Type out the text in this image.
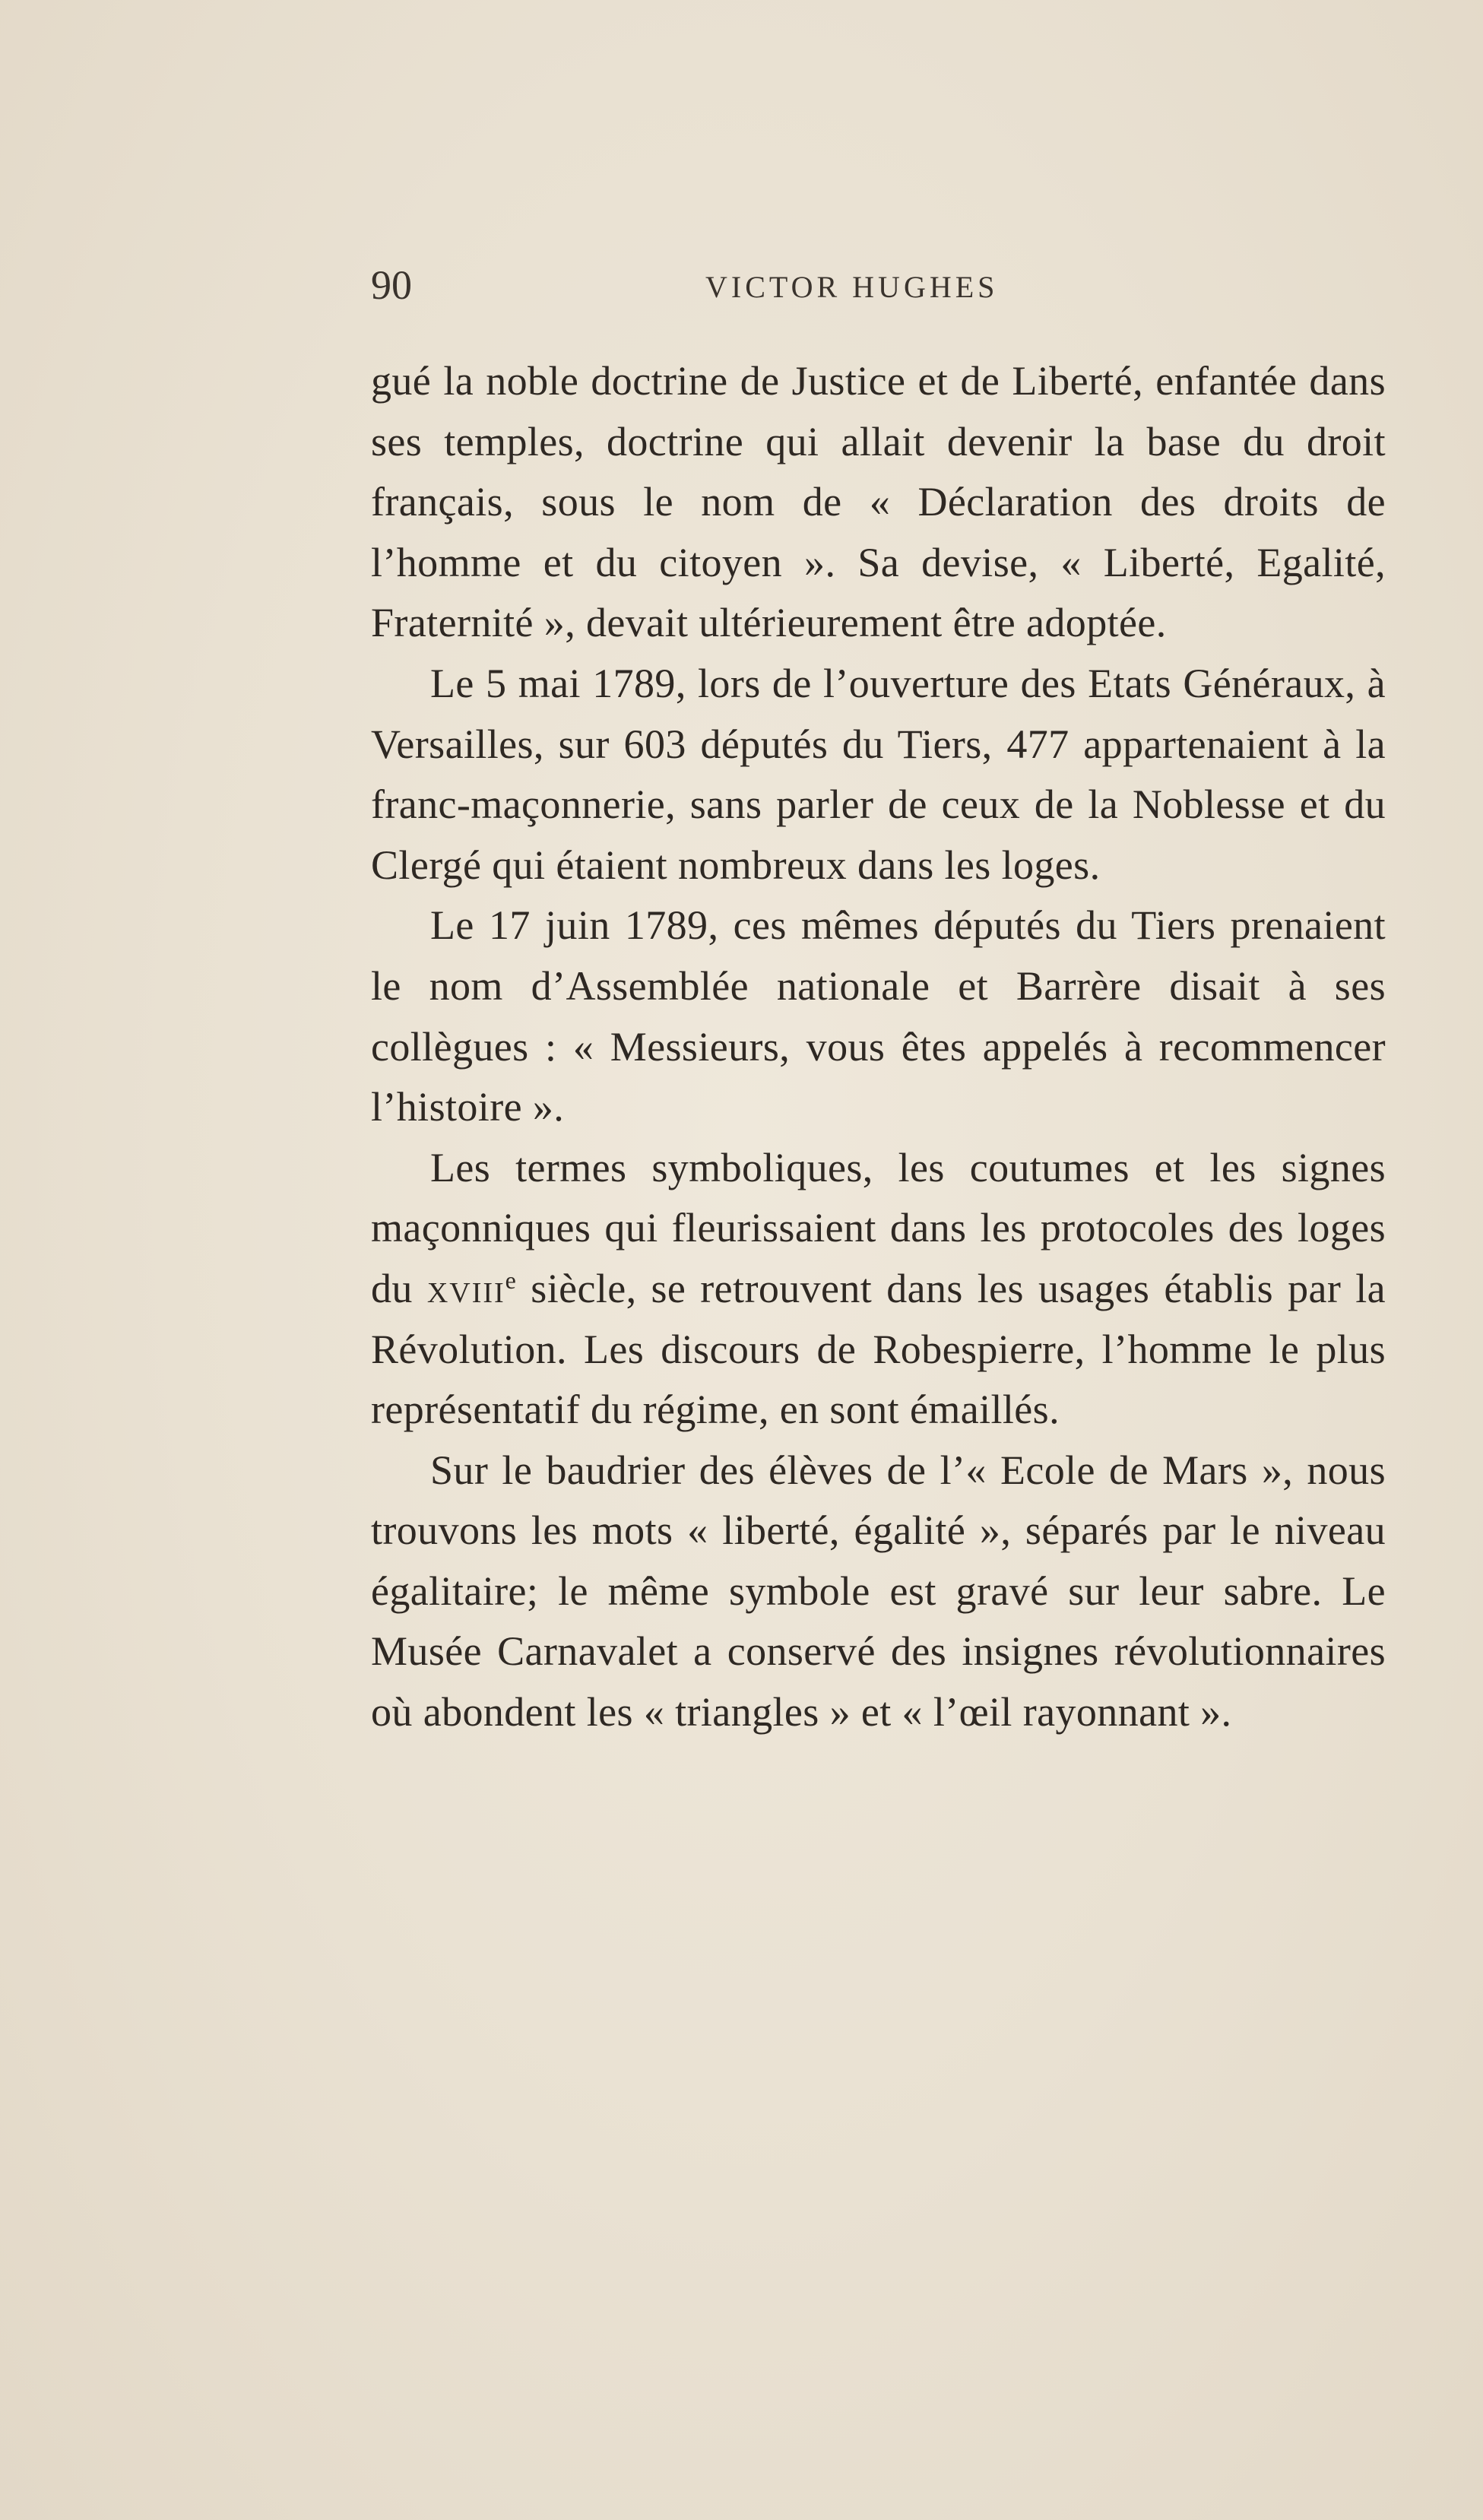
90	VICTOR HUGHES

gué la noble doctrine de Justice et de Liberté, enfantée dans ses temples, doctrine qui allait devenir la base du droit français, sous le nom de « Déclaration des droits de l’homme et du citoyen ». Sa devise, « Liberté, Egalité, Fraternité », devait ultérieurement être adoptée.

Le 5 mai 1789, lors de l’ouverture des Etats Généraux, à Versailles, sur 603 députés du Tiers, 477 appartenaient à la franc-maçonnerie, sans parler de ceux de la Noblesse et du Clergé qui étaient nombreux dans les loges.

Le 17 juin 1789, ces mêmes députés du Tiers prenaient le nom d’Assemblée nationale et Barrère disait à ses collègues : « Messieurs, vous êtes appelés à recommencer l’histoire ».

Les termes symboliques, les coutumes et les signes maçonniques qui fleurissaient dans les protocoles des loges du xviii$^e$ siècle, se retrouvent dans les usages établis par la Révolution. Les discours de Robespierre, l’homme le plus représentatif du régime, en sont émaillés.

Sur le baudrier des élèves de l’« Ecole de Mars », nous trouvons les mots « liberté, égalité », séparés par le niveau égalitaire; le même symbole est gravé sur leur sabre. Le Musée Carnavalet a conservé des insignes révolutionnaires où abondent les « triangles » et « l’œil rayonnant ».
